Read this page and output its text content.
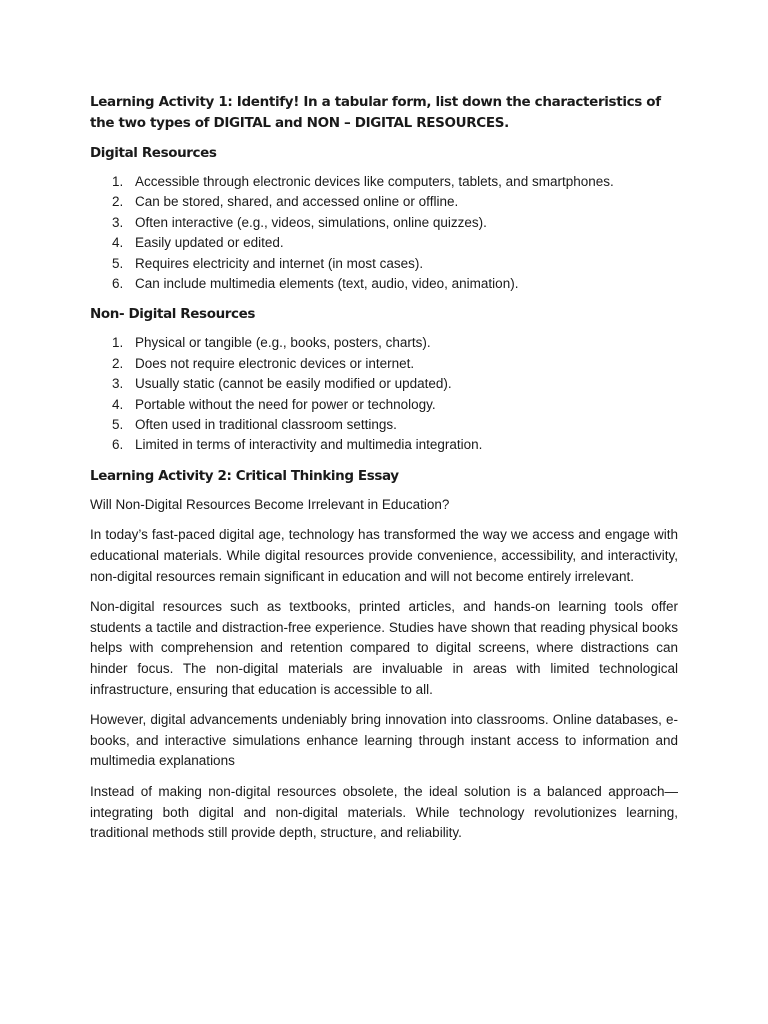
Learning Activity 1: Identify! In a tabular form, list down the characteristics of the two types of DIGITAL and NON – DIGITAL RESOURCES.

Digital Resources

1. Accessible through electronic devices like computers, tablets, and smartphones.
2. Can be stored, shared, and accessed online or offline.
3. Often interactive (e.g., videos, simulations, online quizzes).
4. Easily updated or edited.
5. Requires electricity and internet (in most cases).
6. Can include multimedia elements (text, audio, video, animation).

Non- Digital Resources

1. Physical or tangible (e.g., books, posters, charts).
2. Does not require electronic devices or internet.
3. Usually static (cannot be easily modified or updated).
4. Portable without the need for power or technology.
5. Often used in traditional classroom settings.
6. Limited in terms of interactivity and multimedia integration.

Learning Activity 2: Critical Thinking Essay

Will Non-Digital Resources Become Irrelevant in Education?

In today’s fast-paced digital age, technology has transformed the way we access and engage with educational materials. While digital resources provide convenience, accessibility, and interactivity, non-digital resources remain significant in education and will not become entirely irrelevant.

Non-digital resources such as textbooks, printed articles, and hands-on learning tools offer students a tactile and distraction-free experience. Studies have shown that reading physical books helps with comprehension and retention compared to digital screens, where distractions can hinder focus. The non-digital materials are invaluable in areas with limited technological infrastructure, ensuring that education is accessible to all.

However, digital advancements undeniably bring innovation into classrooms. Online databases, e-books, and interactive simulations enhance learning through instant access to information and multimedia explanations

Instead of making non-digital resources obsolete, the ideal solution is a balanced approach—integrating both digital and non-digital materials. While technology revolutionizes learning, traditional methods still provide depth, structure, and reliability.
